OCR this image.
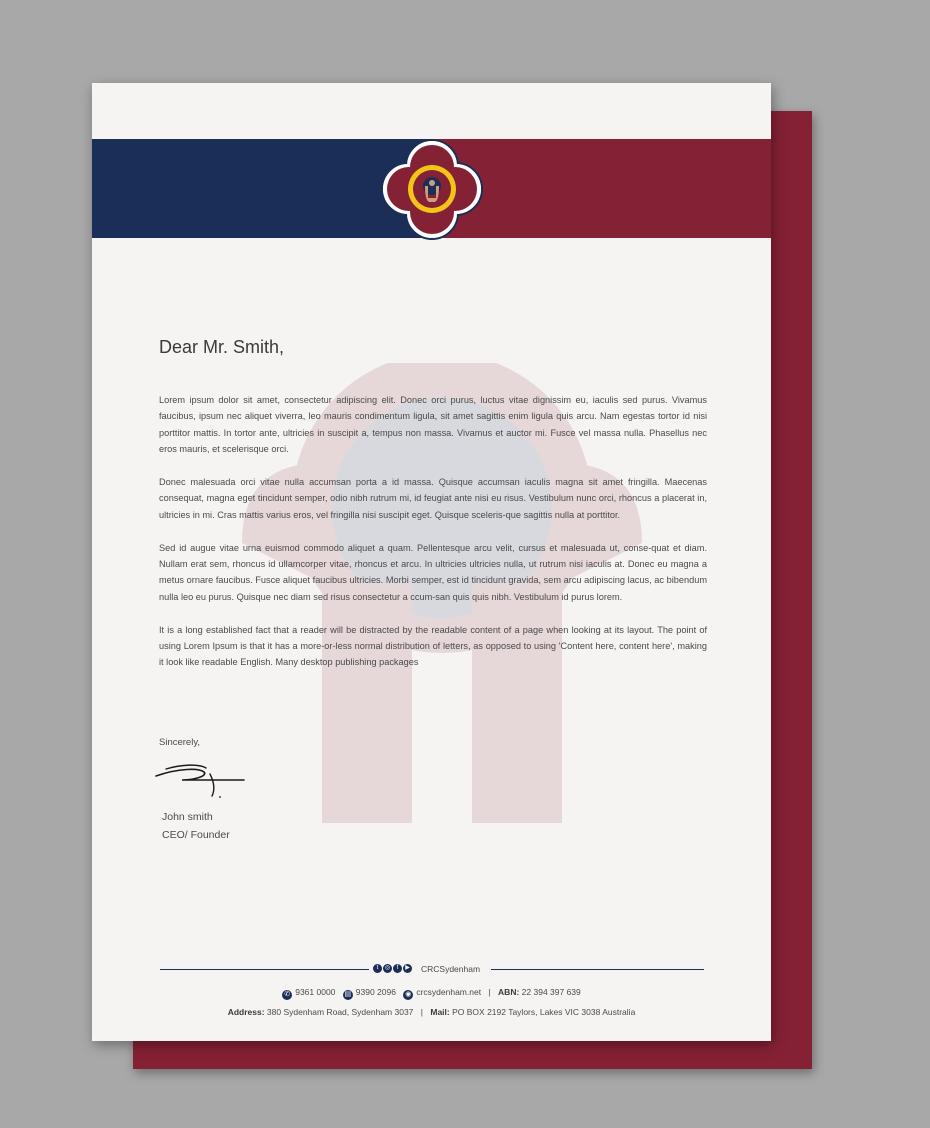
Dear Mr. Smith,

Lorem ipsum dolor sit amet, consectetur adipiscing elit. Donec orci purus, luctus vitae dignissim eu, iaculis sed purus. Vivamus faucibus, ipsum nec aliquet viverra, leo mauris condimentum ligula, sit amet sagittis enim ligula quis arcu. Nam egestas tortor id nisi porttitor mattis. In tortor ante, ultricies in suscipit a, tempus non massa. Vivamus et auctor mi. Fusce vel massa nulla. Phasellus nec eros mauris, et scelerisque orci.

Donec malesuada orci vitae nulla accumsan porta a id massa. Quisque accumsan iaculis magna sit amet fringilla. Maecenas consequat, magna eget tincidunt semper, odio nibh rutrum mi, id feugiat ante nisi eu risus. Vestibulum nunc orci, rhoncus a placerat in, ultricies in mi. Cras mattis varius eros, vel fringilla nisi suscipit eget. Quisque sceleris-que sagittis nulla at porttitor.

Sed id augue vitae urna euismod commodo aliquet a quam. Pellentesque arcu velit, cursus et malesuada ut, conse-quat et diam. Nullam erat sem, rhoncus id ullamcorper vitae, rhoncus et arcu. In ultricies ultricies nulla, ut rutrum nisi iaculis at. Donec eu magna a metus ornare faucibus. Fusce aliquet faucibus ultricies. Morbi semper, est id tincidunt gravida, sem arcu adipiscing lacus, ac bibendum nulla leo eu purus. Quisque nec diam sed risus consectetur a ccum-san quis quis nibh. Vestibulum id purus lorem.

It is a long established fact that a reader will be distracted by the readable content of a page when looking at its layout. The point of using Lorem Ipsum is that it has a more-or-less normal distribution of letters, as opposed to using 'Content here, content here', making it look like readable English. Many desktop publishing packages

Sincerely,
John smith
CEO/ Founder
t	◎	f	▶ CRCSydenham
✆ 9361 0000 ▤ 9390 2096 ◉ crcsydenham.net | ABN: 22 394 397 639
Address: 380 Sydenham Road, Sydenham 3037 | Mail: PO BOX 2192 Taylors, Lakes VIC 3038 Australia
